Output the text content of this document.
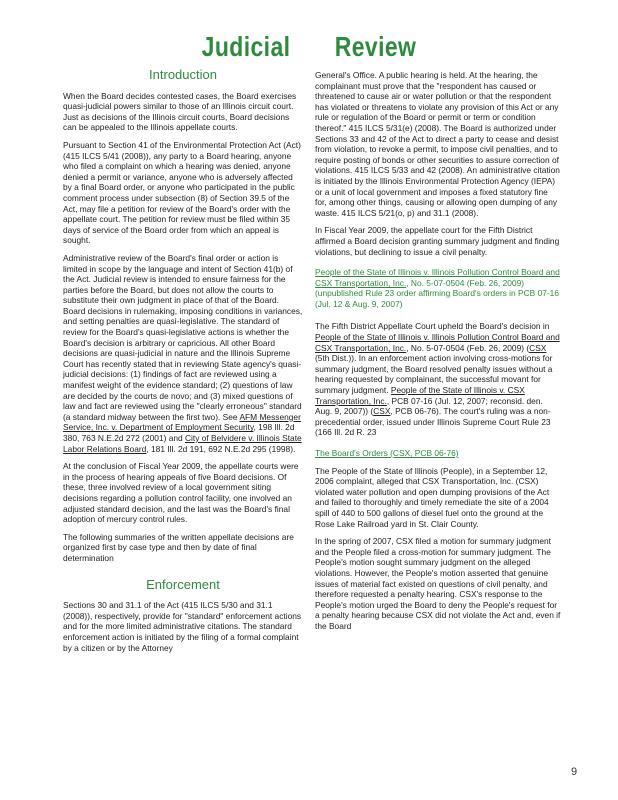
Judicial Review
Introduction

When the Board decides contested cases, the Board exercises quasi-judicial powers similar to those of an Illinois circuit court. Just as decisions of the Illinois circuit courts, Board decisions can be appealed to the Illinois appellate courts.

Pursuant to Section 41 of the Environmental Protection Act (Act) (415 ILCS 5/41 (2008)), any party to a Board hearing, anyone who filed a complaint on which a hearing was denied, anyone denied a permit or variance, anyone who is adversely affected by a final Board order, or anyone who participated in the public comment process under subsection (8) of Section 39.5 of the Act, may file a petition for review of the Board's order with the appellate court. The petition for review must be filed within 35 days of service of the Board order from which an appeal is sought.

Administrative review of the Board's final order or action is limited in scope by the language and intent of Section 41(b) of the Act. Judicial review is intended to ensure fairness for the parties before the Board, but does not allow the courts to substitute their own judgment in place of that of the Board. Board decisions in rulemaking, imposing conditions in variances, and setting penalties are quasi-legislative. The standard of review for the Board's quasi-legislative actions is whether the Board's decision is arbitrary or capricious. All other Board decisions are quasi-judicial in nature and the Illinois Supreme Court has recently stated that in reviewing State agency's quasi-judicial decisions: (1) findings of fact are reviewed using a manifest weight of the evidence standard; (2) questions of law are decided by the courts de novo; and (3) mixed questions of law and fact are reviewed using the "clearly erroneous" standard (a standard midway between the first two). See AFM Messenger Service, Inc. v. Department of Employment Security, 198 Ill. 2d 380, 763 N.E.2d 272 (2001) and City of Belvidere v. Illinois State Labor Relations Board, 181 Ill. 2d 191, 692 N.E.2d 295 (1998).

At the conclusion of Fiscal Year 2009, the appellate courts were in the process of hearing appeals of five Board decisions. Of these, three involved review of a local government siting decisions regarding a pollution control facility, one involved an adjusted standard decision, and the last was the Board's final adoption of mercury control rules.

The following summaries of the written appellate decisions are organized first by case type and then by date of final determination

Enforcement

Sections 30 and 31.1 of the Act (415 ILCS 5/30 and 31.1 (2008)), respectively, provide for "standard" enforcement actions and for the more limited administrative citations. The standard enforcement action is initiated by the filing of a formal complaint by a citizen or by the Attorney

General's Office. A public hearing is held. At the hearing, the complainant must prove that the "respondent has caused or threatened to cause air or water pollution or that the respondent has violated or threatens to violate any provision of this Act or any rule or regulation of the Board or permit or term or condition thereof." 415 ILCS 5/31(e) (2008). The Board is authorized under Sections 33 and 42 of the Act to direct a party to cease and desist from violation, to revoke a permit, to impose civil penalties, and to require posting of bonds or other securities to assure correction of violations. 415 ILCS 5/33 and 42 (2008). An administrative citation is initiated by the Illinois Environmental Protection Agency (IEPA) or a unit of local government and imposes a fixed statutory fine for, among other things, causing or allowing open dumping of any waste. 415 ILCS 5/21(o, p) and 31.1 (2008).

In Fiscal Year 2009, the appellate court for the Fifth District affirmed a Board decision granting summary judgment and finding violations, but declining to issue a civil penalty.

People of the State of Illinois v. Illinois Pollution Control Board and CSX Transportation, Inc., No. 5-07-0504 (Feb. 26, 2009) (unpublished Rule 23 order affirming Board's orders in PCB 07-16 (Jul. 12 & Aug. 9, 2007)

The Fifth District Appellate Court upheld the Board's decision in People of the State of Illinois v. Illinois Pollution Control Board and CSX Transportation, Inc., No. 5-07-0504 (Feb. 26, 2009) (CSX (5th Dist.)). In an enforcement action involving cross-motions for summary judgment, the Board resolved penalty issues without a hearing requested by complainant, the successful movant for summary judgment. People of the State of Illinois v. CSX Transportation, Inc., PCB 07-16 (Jul. 12, 2007; reconsid. den. Aug. 9, 2007)) (CSX, PCB 06-76). The court's ruling was a non-precedential order, issued under Illinois Supreme Court Rule 23 (166 Ill. 2d R. 23

The Board's Orders (CSX, PCB 06-76)

The People of the State of Illinois (People), in a September 12, 2006 complaint, alleged that CSX Transportation, Inc. (CSX) violated water pollution and open dumping provisions of the Act and failed to thoroughly and timely remediate the site of a 2004 spill of 440 to 500 gallons of diesel fuel onto the ground at the Rose Lake Railroad yard in St. Clair County.

In the spring of 2007, CSX filed a motion for summary judgment and the People filed a cross-motion for summary judgment. The People's motion sought summary judgment on the alleged violations. However, the People's motion asserted that genuine issues of material fact existed on questions of civil penalty, and therefore requested a penalty hearing. CSX's response to the People's motion urged the Board to deny the People's request for a penalty hearing because CSX did not violate the Act and, even if the Board

9
